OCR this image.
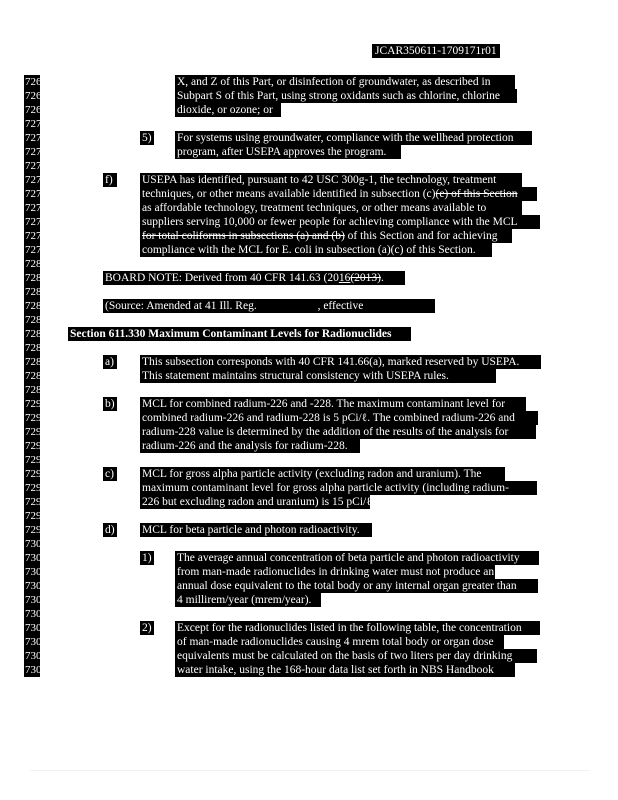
JCAR350611-1709171r01
7267
7268
7269
7270
7271
7272
7273
7274
7275
7276
7277
7278
7279
7280
7281
7282
7283
7284
7285
7286
7287
7288
7289
7290
7291
7292
7293
7294
7295
7296
7297
7298
7299
7300
7301
7302
7303
7304
7305
7306
7307
7308
7309
X, and Z of this Part, or disinfection of groundwater, as described in
Subpart S of this Part, using strong oxidants such as chlorine, chlorine
dioxide, or ozone; or
5) For systems using groundwater, compliance with the wellhead protection
program, after USEPA approves the program.
f)	USEPA has identified, pursuant to 42 USC 300g-1, the technology, treatment
techniques, or other means available identified in subsection (c)(e) of this Section
as affordable technology, treatment techniques, or other means available to
suppliers serving 10,000 or fewer people for achieving compliance with the MCL
for total coliforms in subsections (a) and (b) of this Section and for achieving
compliance with the MCL for E. coli in subsection (a)(c) of this Section.
BOARD NOTE: Derived from 40 CFR 141.63 (2016(2013).
(Source: Amended at 41 Ill. Reg.	, effective	)
Section 611.330 Maximum Contaminant Levels for Radionuclides
a) This subsection corresponds with 40 CFR 141.66(a), marked reserved by USEPA.
This statement maintains structural consistency with USEPA rules.
b) MCL for combined radium-226 and -228. The maximum contaminant level for
combined radium-226 and radium-228 is 5 pCi/ℓ. The combined radium-226 and
radium-228 value is determined by the addition of the results of the analysis for
radium-226 and the analysis for radium-228.
c) MCL for gross alpha particle activity (excluding radon and uranium). The
maximum contaminant level for gross alpha particle activity (including radium-
226 but excluding radon and uranium) is 15 pCi/ℓ.
d) MCL for beta particle and photon radioactivity.
1) The average annual concentration of beta particle and photon radioactivity
from man-made radionuclides in drinking water must not produce an
annual dose equivalent to the total body or any internal organ greater than
4 millirem/year (mrem/year).
2) Except for the radionuclides listed in the following table, the concentration
of man-made radionuclides causing 4 mrem total body or organ dose
equivalents must be calculated on the basis of two liters per day drinking
water intake, using the 168-hour data list set forth in NBS Handbook
